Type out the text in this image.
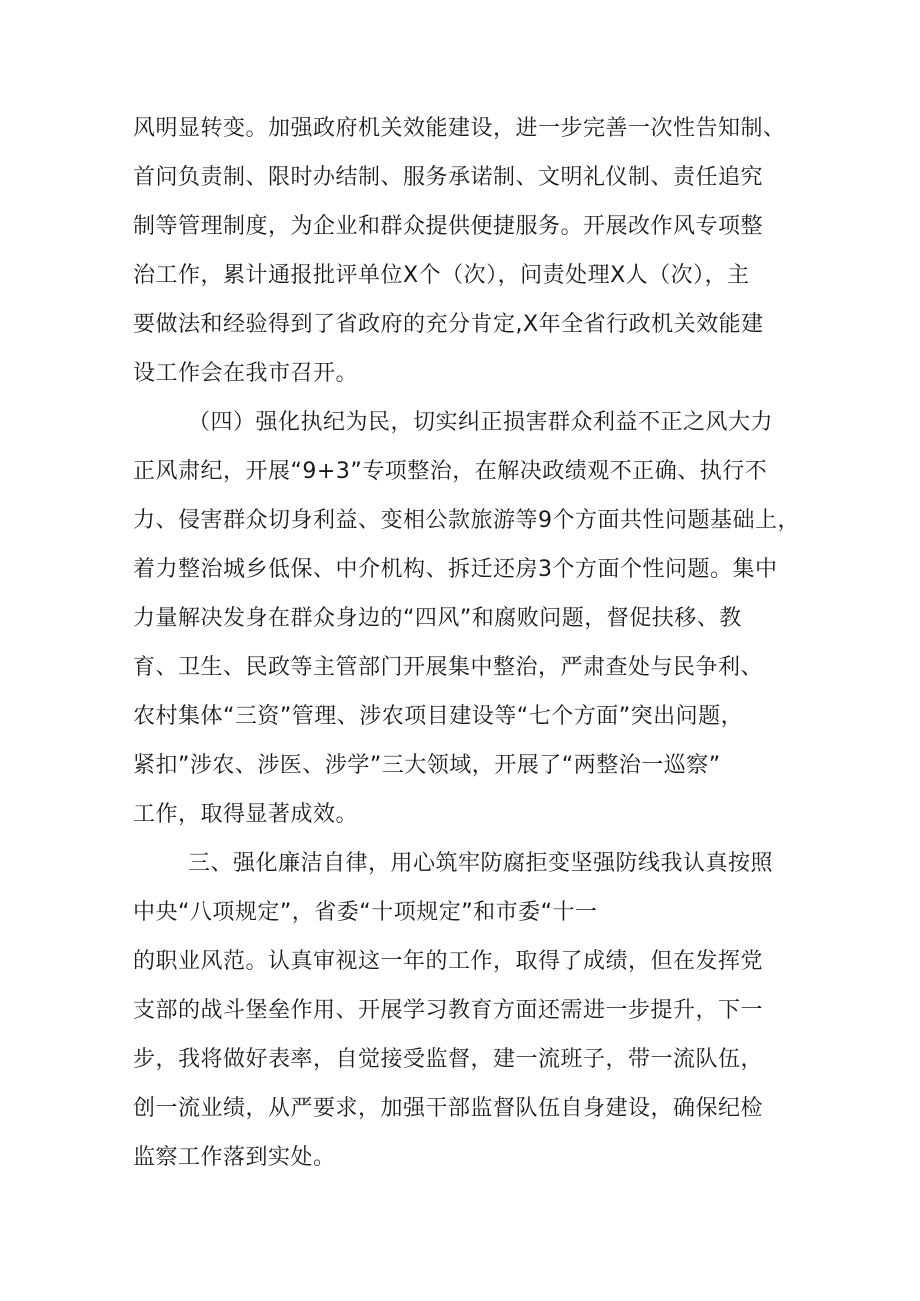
风明显转变。加强政府机关效能建设，进一步完善一次性告知制、

首问负责制、限时办结制、服务承诺制、文明礼仪制、责任追究

制等管理制度，为企业和群众提供便捷服务。开展改作风专项整

治工作，累计通报批评单位X个（次），问责处理X人（次），主

要做法和经验得到了省政府的充分肯定,X年全省行政机关效能建

设工作会在我市召开。

（四）强化执纪为民，切实纠正损害群众利益不正之风大力

正风肃纪，开展“9+3”专项整治，在解决政绩观不正确、执行不

力、侵害群众切身利益、变相公款旅游等9个方面共性问题基础上，

着力整治城乡低保、中介机构、拆迁还房3个方面个性问题。集中

力量解决发身在群众身边的“四风”和腐败问题，督促扶移、教

育、卫生、民政等主管部门开展集中整治，严肃查处与民争利、

农村集体“三资”管理、涉农项目建设等“七个方面”突出问题，

紧扣”涉农、涉医、涉学”三大领域，开展了“两整治一巡察”

工作，取得显著成效。

三、强化廉洁自律，用心筑牢防腐拒变坚强防线我认真按照

中央“八项规定”，省委“十项规定”和市委“十一

的职业风范。认真审视这一年的工作，取得了成绩，但在发挥党

支部的战斗堡垒作用、开展学习教育方面还需进一步提升，下一

步，我将做好表率，自觉接受监督，建一流班子，带一流队伍，

创一流业绩，从严要求，加强干部监督队伍自身建设，确保纪检

监察工作落到实处。
